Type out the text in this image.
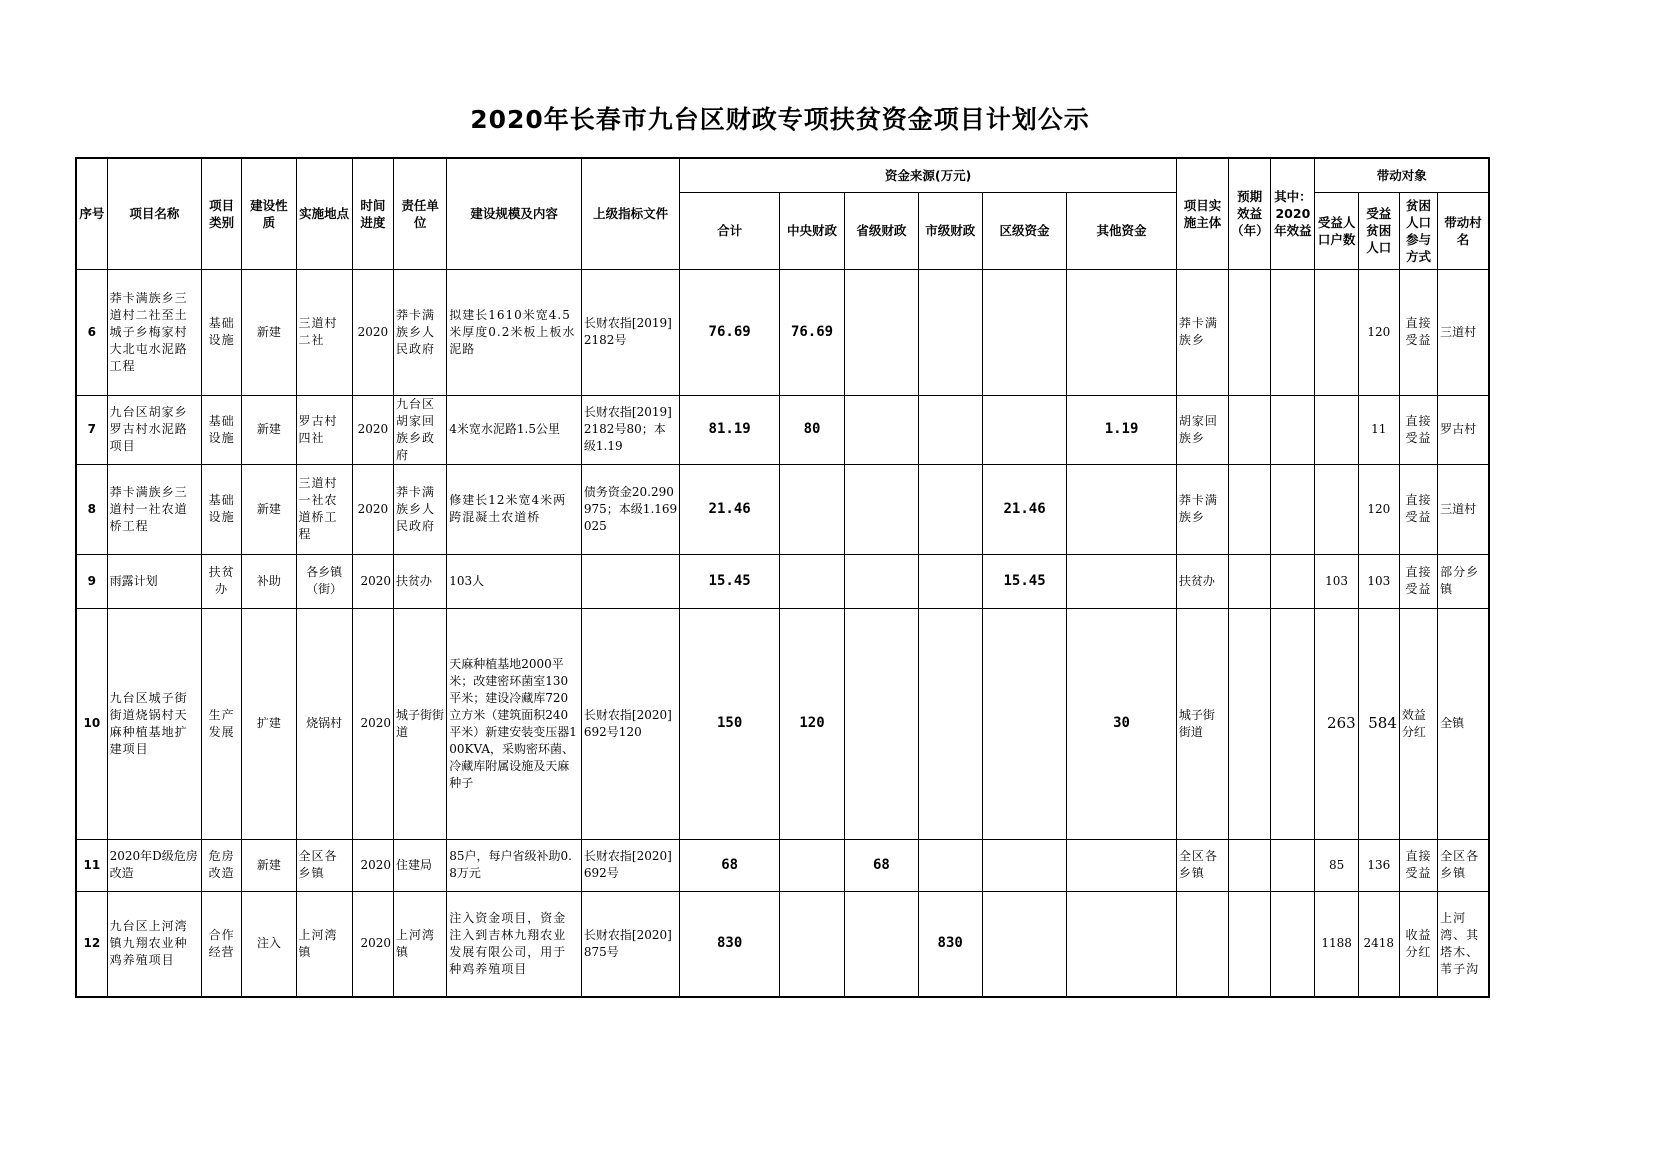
2020年长春市九台区财政专项扶贫资金项目计划公示
序号	项目名称	项目类别	建设性质	实施地点	时间进度	责任单位	建设规模及内容	上级指标文件	资金来源(万元)						项目实施主体	预期效益（年）	其中：2020年效益	带动对象			
									合计	中央财政	省级财政	市级财政	区级资金	其他资金				受益人口户数	受益贫困人口	贫困人口参与方式	带动村名
6	莽卡满族乡三道村二社至土城子乡梅家村大北屯水泥路工程	基础设施	新建	三道村二社	2020	莽卡满族乡人民政府	拟建长1610米宽4.5米厚度0.2米板上板水泥路	长财农指[2019]2182号	76.69	76.69					莽卡满族乡				120	直接受益	三道村
7	九台区胡家乡罗古村水泥路项目	基础设施	新建	罗古村四社	2020	九台区胡家回族乡政府	4米宽水泥路1.5公里	长财农指[2019]2182号80；本级1.19	81.19	80				1.19	胡家回族乡				11	直接受益	罗古村
8	莽卡满族乡三道村一社农道桥工程	基础设施	新建	三道村一社农道桥工程	2020	莽卡满族乡人民政府	修建长12米宽4米两跨混凝土农道桥	债务资金20.290975；本级1.169025	21.46				21.46		莽卡满族乡				120	直接受益	三道村
9	雨露计划	扶贫办	补助	各乡镇（街）	2020	扶贫办	103人		15.45				15.45		扶贫办			103	103	直接受益	部分乡镇
10	九台区城子街街道烧锅村天麻种植基地扩建项目	生产发展	扩建	烧锅村	2020	城子街街道	天麻种植基地2000平米；改建密环菌室130平米；建设冷藏库720立方米（建筑面积240平米）新建安装变压器100KVA，采购密环菌、冷藏库附属设施及天麻种子	长财农指[2020]692号120	150	120				30	城子街街道			263	584	效益分红	全镇
11	2020年D级危房改造	危房改造	新建	全区各乡镇	2020	住建局	85户，每户省级补助0.8万元	长财农指[2020]692号	68		68				全区各乡镇			85	136	直接受益	全区各乡镇
12	九台区上河湾镇九翔农业种鸡养殖项目	合作经营	注入	上河湾镇	2020	上河湾镇	注入资金项目，资金注入到吉林九翔农业发展有限公司，用于种鸡养殖项目	长财农指[2020]875号	830			830						1188	2418	收益分红	上河湾、其塔木、苇子沟
